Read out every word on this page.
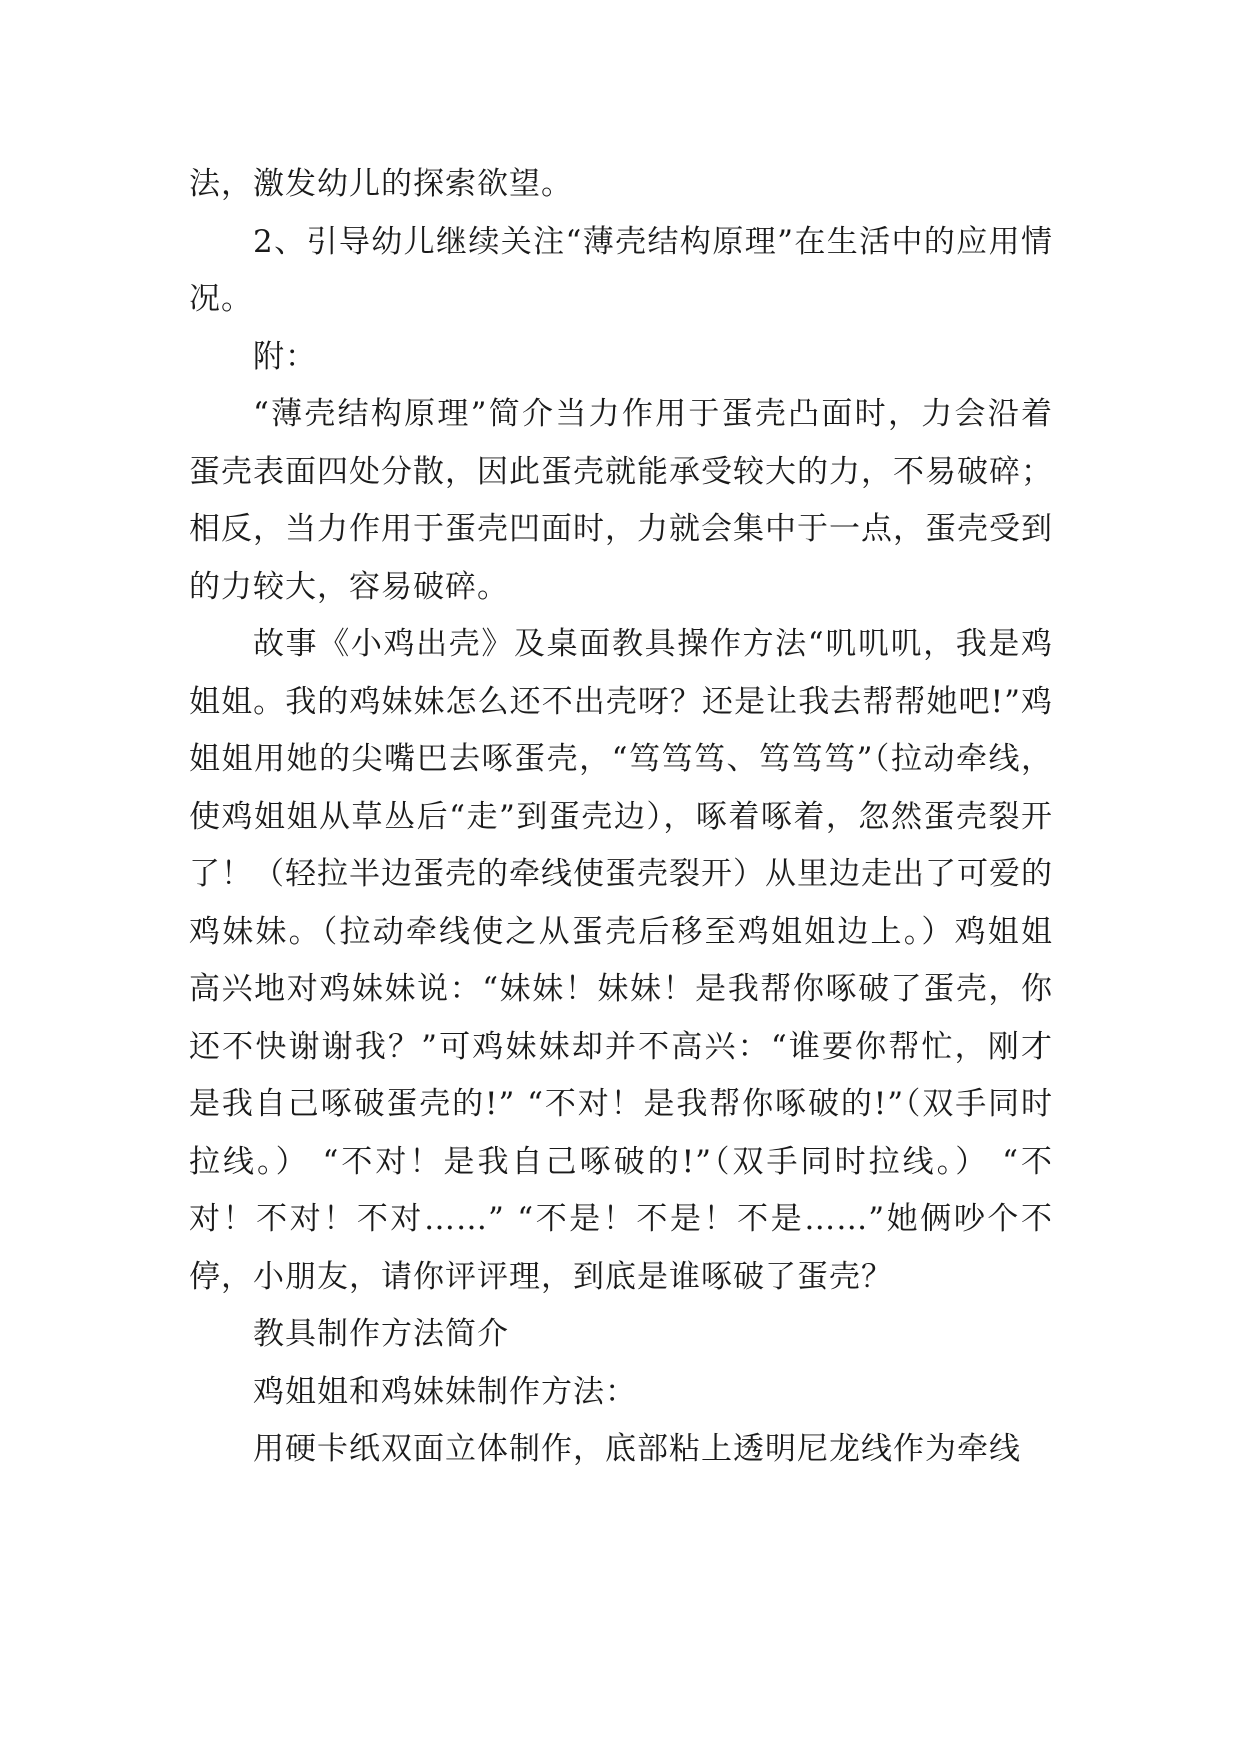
法，激发幼儿的探索欲望。

2、引导幼儿继续关注“薄壳结构原理”在生活中的应用情况。

附：

“薄壳结构原理”简介当力作用于蛋壳凸面时，力会沿着蛋壳表面四处分散，因此蛋壳就能承受较大的力，不易破碎；相反，当力作用于蛋壳凹面时，力就会集中于一点，蛋壳受到的力较大，容易破碎。

故事《小鸡出壳》及桌面教具操作方法“叽叽叽，我是鸡姐姐。我的鸡妹妹怎么还不出壳呀？还是让我去帮帮她吧!”鸡姐姐用她的尖嘴巴去啄蛋壳，“笃笃笃、笃笃笃”（拉动牵线，使鸡姐姐从草丛后“走”到蛋壳边），啄着啄着，忽然蛋壳裂开了！（轻拉半边蛋壳的牵线使蛋壳裂开）从里边走出了可爱的鸡妹妹。（拉动牵线使之从蛋壳后移至鸡姐姐边上。）鸡姐姐高兴地对鸡妹妹说：“妹妹！妹妹！是我帮你啄破了蛋壳，你还不快谢谢我？”可鸡妹妹却并不高兴：“谁要你帮忙，刚才是我自己啄破蛋壳的!” “不对！是我帮你啄破的!”（双手同时拉线。） “不对！是我自己啄破的!”（双手同时拉线。） “不对！不对！不对……” “不是！不是！不是……”她俩吵个不停，小朋友，请你评评理，到底是谁啄破了蛋壳？

教具制作方法简介

鸡姐姐和鸡妹妹制作方法：

用硬卡纸双面立体制作，底部粘上透明尼龙线作为牵线
